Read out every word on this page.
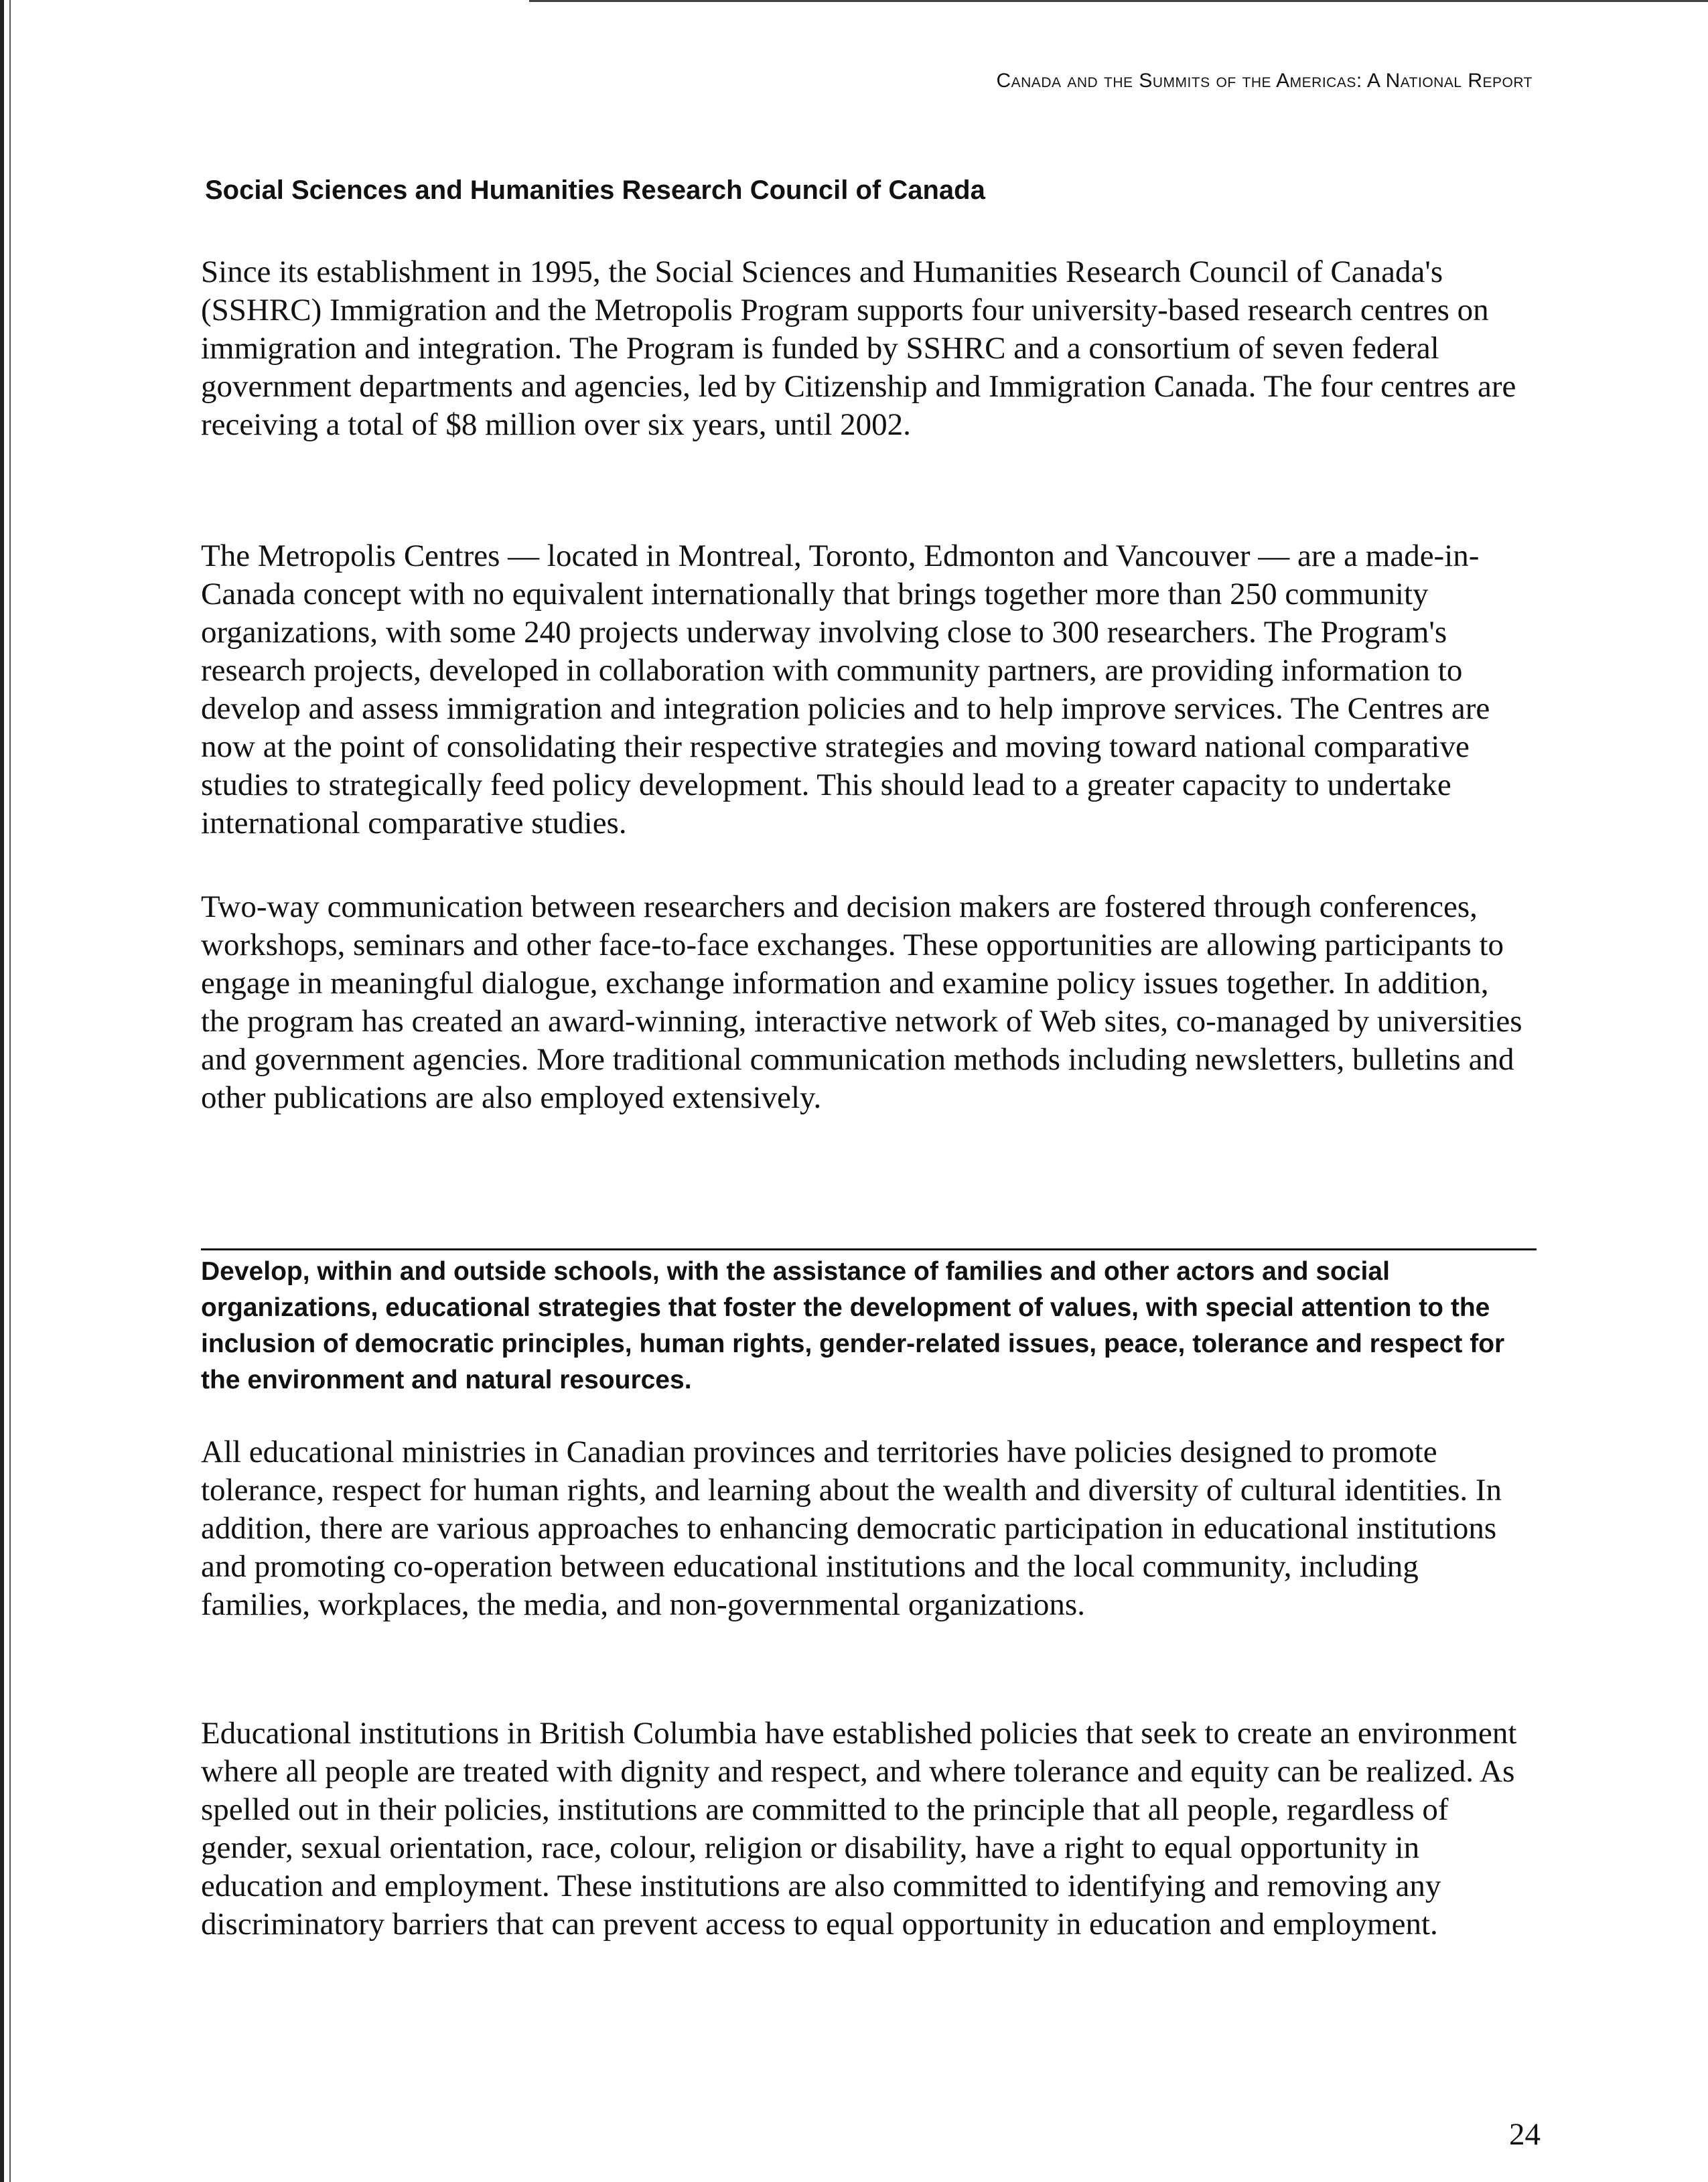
Canada and the Summits of the Americas: A National Report
Social Sciences and Humanities Research Council of Canada

Since its establishment in 1995, the Social Sciences and Humanities Research Council of Canada's (SSHRC) Immigration and the Metropolis Program supports four university-based research centres on immigration and integration. The Program is funded by SSHRC and a consortium of seven federal government departments and agencies, led by Citizenship and Immigration Canada. The four centres are receiving a total of $8 million over six years, until 2002.

The Metropolis Centres — located in Montreal, Toronto, Edmonton and Vancouver — are a made-in-Canada concept with no equivalent internationally that brings together more than 250 community organizations, with some 240 projects underway involving close to 300 researchers. The Program's research projects, developed in collaboration with community partners, are providing information to develop and assess immigration and integration policies and to help improve services. The Centres are now at the point of consolidating their respective strategies and moving toward national comparative studies to strategically feed policy development. This should lead to a greater capacity to undertake international comparative studies.

Two-way communication between researchers and decision makers are fostered through conferences, workshops, seminars and other face-to-face exchanges. These opportunities are allowing participants to engage in meaningful dialogue, exchange information and examine policy issues together. In addition, the program has created an award-winning, interactive network of Web sites, co-managed by universities and government agencies. More traditional communication methods including newsletters, bulletins and other publications are also employed extensively.

Develop, within and outside schools, with the assistance of families and other actors and social organizations, educational strategies that foster the development of values, with special attention to the inclusion of democratic principles, human rights, gender-related issues, peace, tolerance and respect for the environment and natural resources.

All educational ministries in Canadian provinces and territories have policies designed to promote tolerance, respect for human rights, and learning about the wealth and diversity of cultural identities. In addition, there are various approaches to enhancing democratic participation in educational institutions and promoting co-operation between educational institutions and the local community, including families, workplaces, the media, and non-governmental organizations.

Educational institutions in British Columbia have established policies that seek to create an environment where all people are treated with dignity and respect, and where tolerance and equity can be realized. As spelled out in their policies, institutions are committed to the principle that all people, regardless of gender, sexual orientation, race, colour, religion or disability, have a right to equal opportunity in education and employment. These institutions are also committed to identifying and removing any discriminatory barriers that can prevent access to equal opportunity in education and employment.

24
